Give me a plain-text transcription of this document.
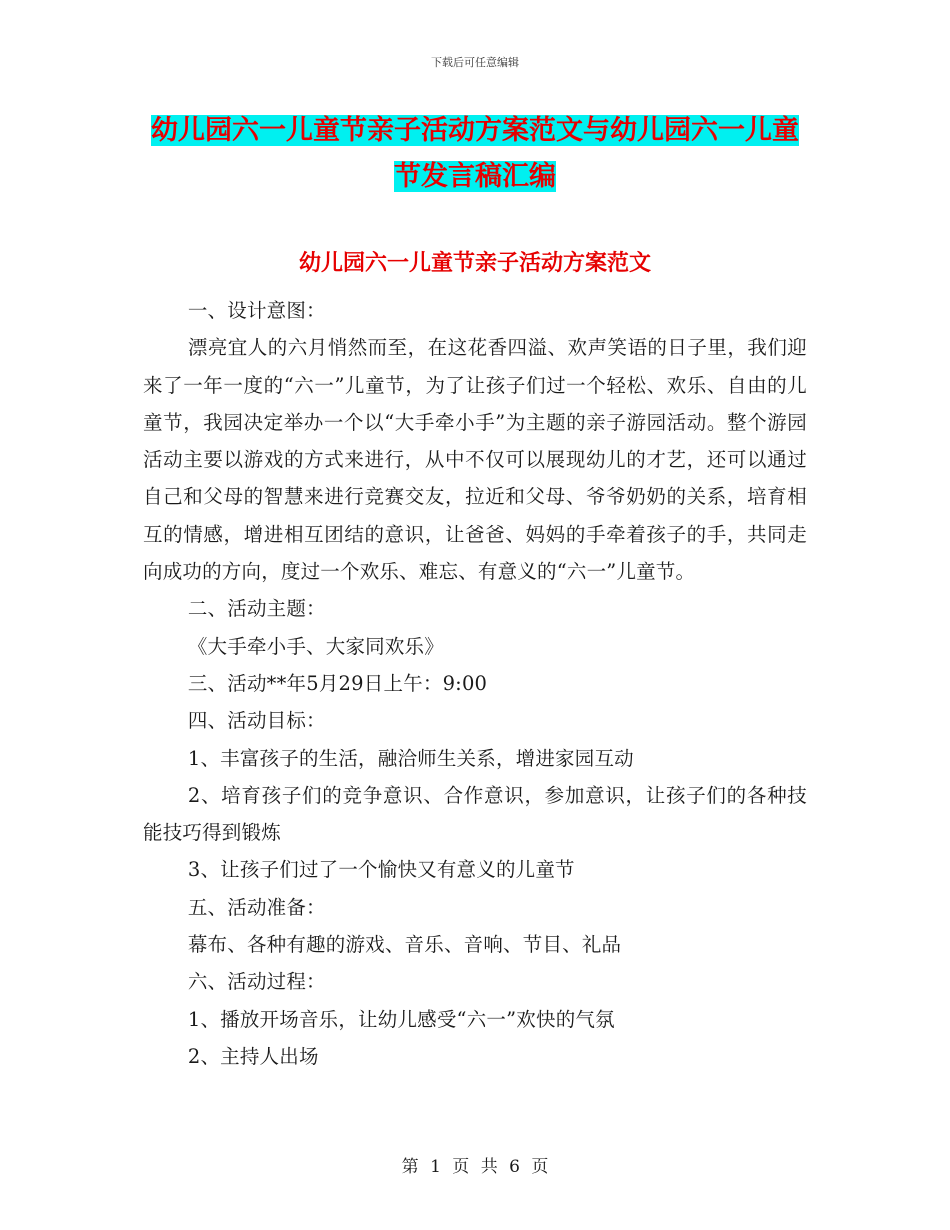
下载后可任意编辑
幼儿园六一儿童节亲子活动方案范文与幼儿园六一儿童节发言稿汇编
幼儿园六一儿童节亲子活动方案范文

一、设计意图：

漂亮宜人的六月悄然而至，在这花香四溢、欢声笑语的日子里，我们迎来了一年一度的“六一”儿童节，为了让孩子们过一个轻松、欢乐、自由的儿童节，我园决定举办一个以“大手牵小手”为主题的亲子游园活动。整个游园活动主要以游戏的方式来进行，从中不仅可以展现幼儿的才艺，还可以通过自己和父母的智慧来进行竞赛交友，拉近和父母、爷爷奶奶的关系，培育相互的情感，增进相互团结的意识，让爸爸、妈妈的手牵着孩子的手，共同走向成功的方向，度过一个欢乐、难忘、有意义的“六一”儿童节。

二、活动主题：

《大手牵小手、大家同欢乐》

三、活动**年5月29日上午：9:00

四、活动目标：

1、丰富孩子的生活，融洽师生关系，增进家园互动

2、培育孩子们的竞争意识、合作意识，参加意识，让孩子们的各种技能技巧得到锻炼

3、让孩子们过了一个愉快又有意义的儿童节

五、活动准备：

幕布、各种有趣的游戏、音乐、音响、节目、礼品

六、活动过程：

1、播放开场音乐，让幼儿感受“六一”欢快的气氛

2、主持人出场

第 1 页 共 6 页
